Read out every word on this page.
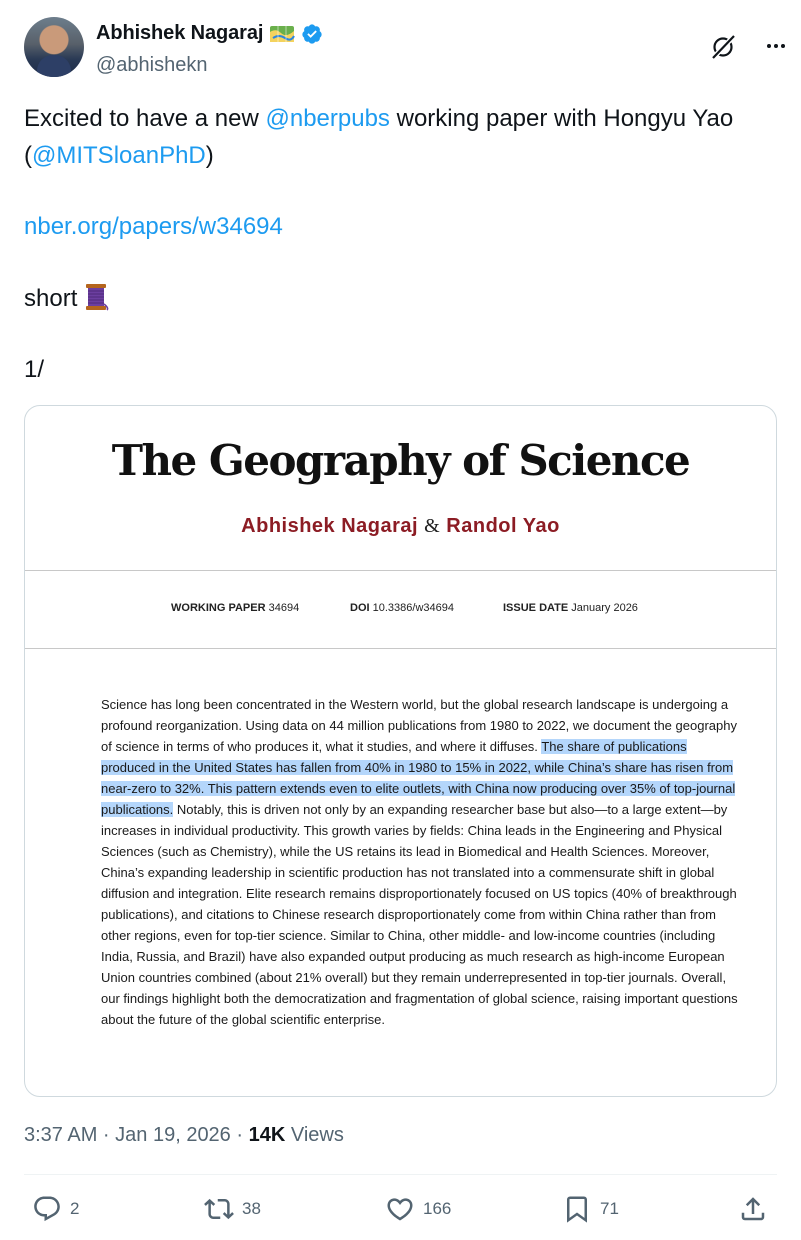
Abhishek Nagaraj
@abhishekn
Excited to have a new @nberpubs working paper with Hongyu Yao
(@MITSloanPhD)
nber.org/papers/w34694
short
1/
The Geography of Science
Abhishek Nagaraj & Randol Yao
WORKING PAPER 34694	DOI 10.3386/w34694	ISSUE DATE January 2026
Science has long been concentrated in the Western world, but the global research landscape is undergoing a profound reorganization. Using data on 44 million publications from 1980 to 2022, we document the geography of science in terms of who produces it, what it studies, and where it diffuses. The share of publications produced in the United States has fallen from 40% in 1980 to 15% in 2022, while China’s share has risen from near-zero to 32%. This pattern extends even to elite outlets, with China now producing over 35% of top-journal publications. Notably, this is driven not only by an expanding researcher base but also—to a large extent—by increases in individual productivity. This growth varies by fields: China leads in the Engineering and Physical Sciences (such as Chemistry), while the US retains its lead in Biomedical and Health Sciences. Moreover, China’s expanding leadership in scientific production has not translated into a commensurate shift in global diffusion and integration. Elite research remains disproportionately focused on US topics (40% of breakthrough publications), and citations to Chinese research disproportionately come from within China rather than from other regions, even for top-tier science. Similar to China, other middle- and low-income countries (including India, Russia, and Brazil) have also expanded output producing as much research as high-income European Union countries combined (about 21% overall) but they remain underrepresented in top-tier journals. Overall, our findings highlight both the democratization and fragmentation of global science, raising important questions about the future of the global scientific enterprise.
3:37 AM · Jan 19, 2026 · 14K Views
2	38	166	71
